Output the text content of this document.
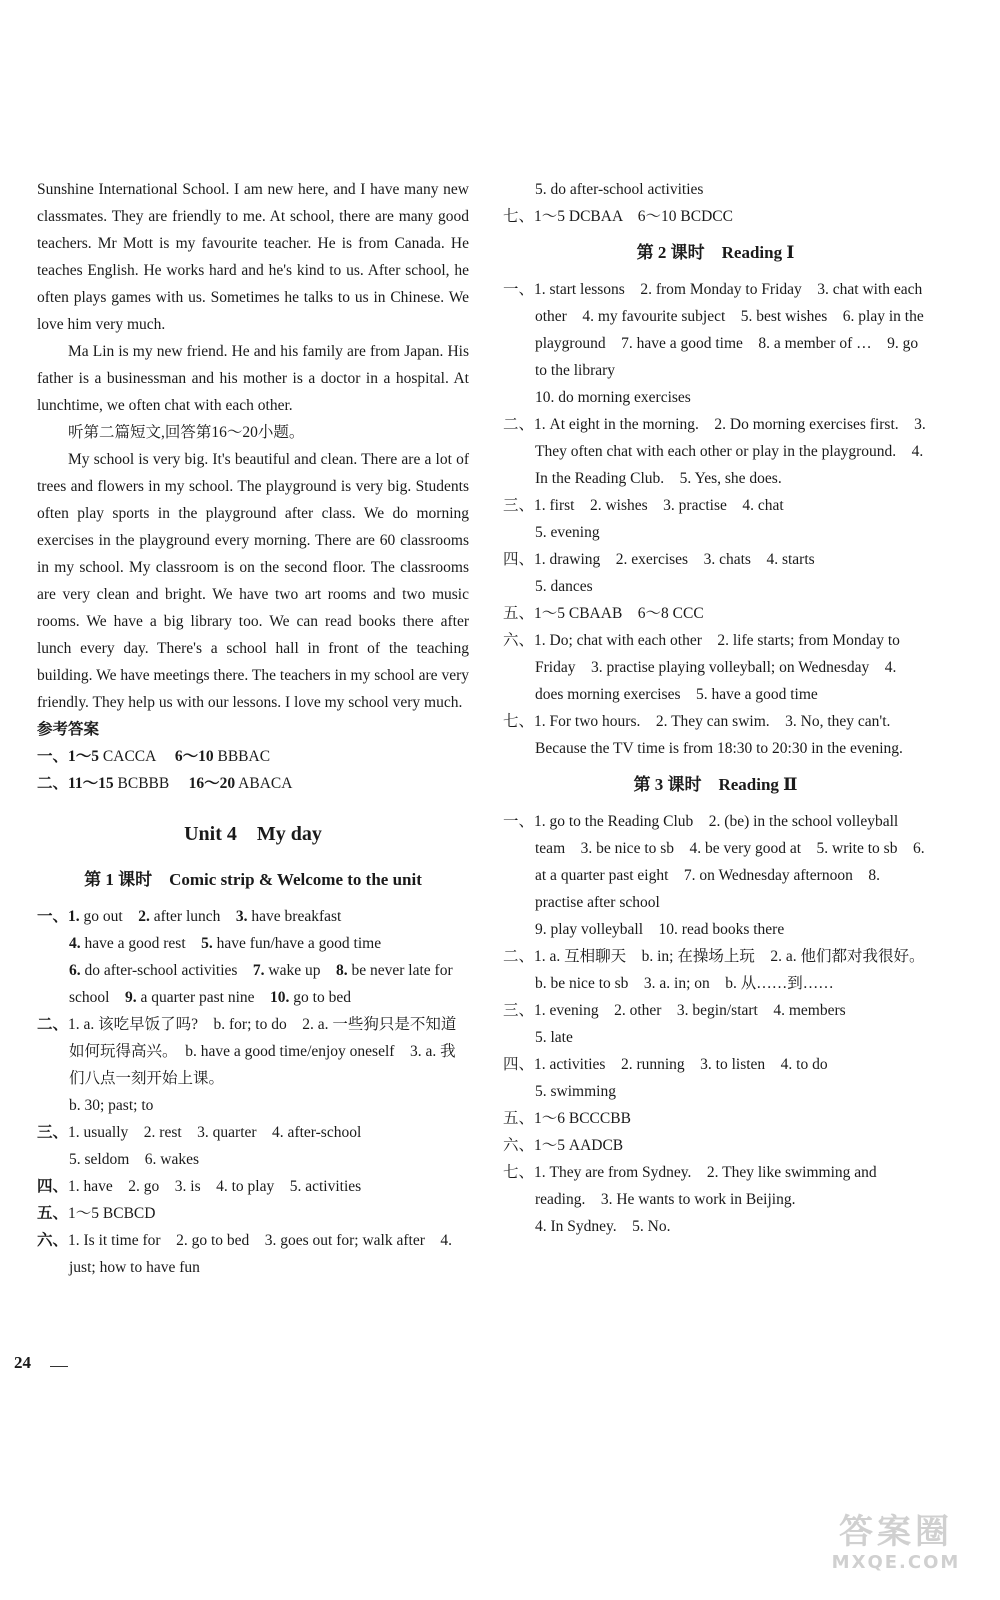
Sunshine International School. I am new here, and I have many new classmates. They are friendly to me. At school, there are many good teachers. Mr Mott is my favourite teacher. He is from Canada. He teaches English. He works hard and he's kind to us. After school, he often plays games with us. Sometimes he talks to us in Chinese. We love him very much.

Ma Lin is my new friend. He and his family are from Japan. His father is a businessman and his mother is a doctor in a hospital. At lunchtime, we often chat with each other.

听第二篇短文,回答第16～20小题。

My school is very big. It's beautiful and clean. There are a lot of trees and flowers in my school. The playground is very big. Students often play sports in the playground after class. We do morning exercises in the playground every morning. There are 60 classrooms in my school. My classroom is on the second floor. The classrooms are very clean and bright. We have two art rooms and two music rooms. We have a big library too. We can read books there after lunch every day. There's a school hall in front of the teaching building. We have meetings there. The teachers in my school are very friendly. They help us with our lessons. I love my school very much.

参考答案

一、1～5 CACCA　 6～10 BBBAC

二、11～15 BCBBB　 16～20 ABACA

Unit 4　My day
第 1 课时　Comic strip & Welcome to the unit

一、1. go out　2. after lunch　3. have breakfast

4. have a good rest　5. have fun/have a good time

6. do after-school activities　7. wake up　8. be never late for school　9. a quarter past nine　10. go to bed

二、1. a. 该吃早饭了吗?　b. for; to do　2. a. 一些狗只是不知道如何玩得高兴。　b. have a good time/enjoy oneself　3. a. 我们八点一刻开始上课。

b. 30; past; to

三、1. usually　2. rest　3. quarter　4. after-school

5. seldom　6. wakes

四、1. have　2. go　3. is　4. to play　5. activities

五、1～5 BCBCD

六、1. Is it time for　2. go to bed　3. goes out for; walk after　4. just; how to have fun

5. do after-school activities

七、1～5 DCBAA　6～10 BCDCC

第 2 课时　Reading Ⅰ

一、1. start lessons　2. from Monday to Friday　3. chat with each other　4. my favourite subject　5. best wishes　6. play in the playground　7. have a good time　8. a member of …　9. go to the library

10. do morning exercises

二、1. At eight in the morning.　2. Do morning exercises first.　3. They often chat with each other or play in the playground.　4. In the Reading Club.　5. Yes, she does.

三、1. first　2. wishes　3. practise　4. chat

5. evening

四、1. drawing　2. exercises　3. chats　4. starts

5. dances

五、1～5 CBAAB　6～8 CCC

六、1. Do; chat with each other　2. life starts; from Monday to Friday　3. practise playing volleyball; on Wednesday　4. does morning exercises　5. have a good time

七、1. For two hours.　2. They can swim.　3. No, they can't. Because the TV time is from 18:30 to 20:30 in the evening.

第 3 课时　Reading Ⅱ

一、1. go to the Reading Club　2. (be) in the school volleyball team　3. be nice to sb　4. be very good at　5. write to sb　6. at a quarter past eight　7. on Wednesday afternoon　8. practise after school

9. play volleyball　10. read books there

二、1. a. 互相聊天　b. in; 在操场上玩　2. a. 他们都对我很好。　b. be nice to sb　3. a. in; on　b. 从……到……

三、1. evening　2. other　3. begin/start　4. members

5. late

四、1. activities　2. running　3. to listen　4. to do

5. swimming

五、1～6 BCCCBB

六、1～5 AADCB

七、1. They are from Sydney.　2. They like swimming and reading.　3. He wants to work in Beijing.

4. In Sydney.　5. No.

24
答案圈
MXQE.COM
